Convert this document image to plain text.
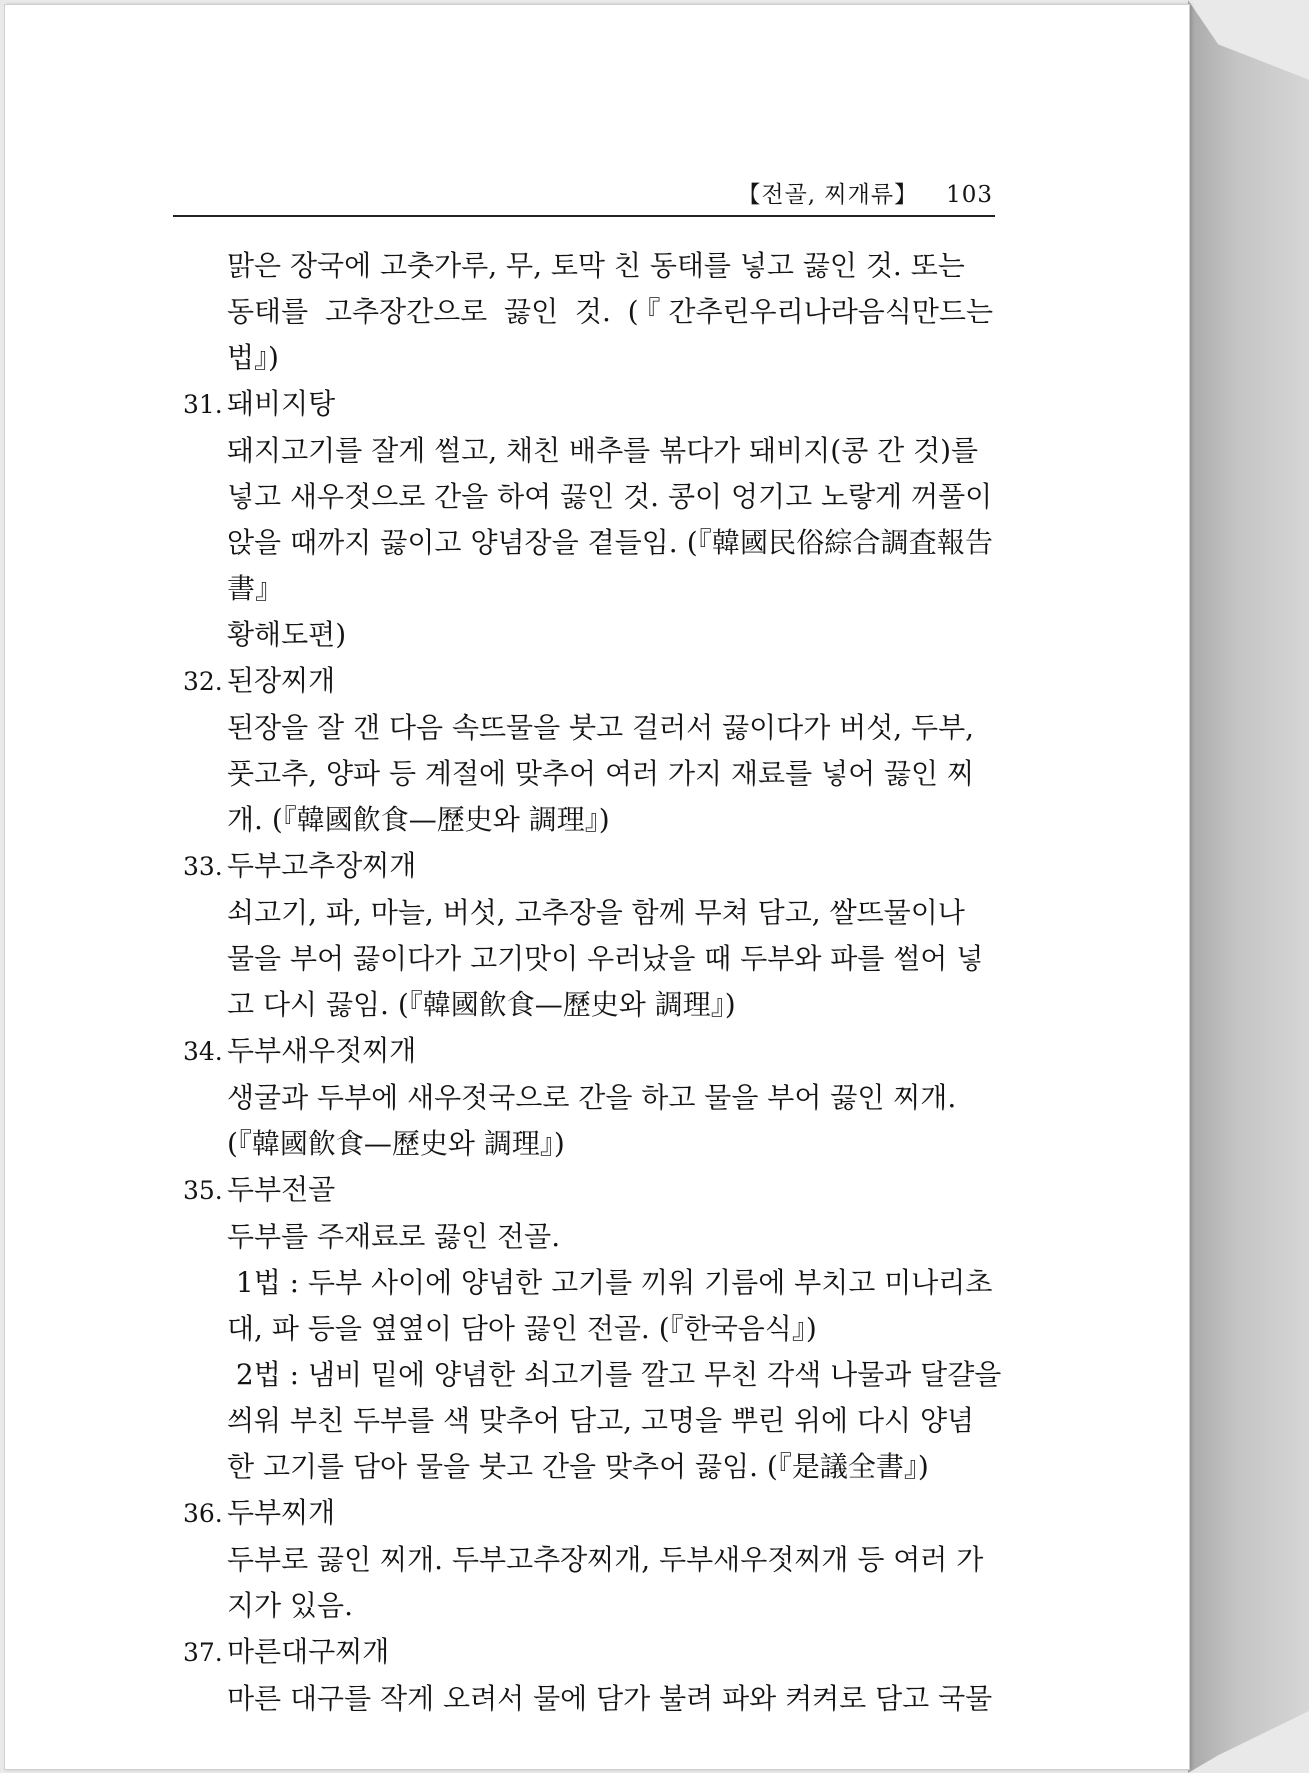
【전골, 찌개류】 103
맑은 장국에 고춧가루, 무, 토막 친 동태를 넣고 끓인 것. 또는
동태를 고추장간으로 끓인 것. (『간추린우리나라음식만드는법』)
31. 돼비지탕
돼지고기를 잘게 썰고, 채친 배추를 볶다가 돼비지(콩 간 것)를
넣고 새우젓으로 간을 하여 끓인 것. 콩이 엉기고 노랗게 꺼풀이
앉을 때까지 끓이고 양념장을 곁들임. (『韓國民俗綜合調査報告書』
황해도편)
32. 된장찌개
된장을 잘 갠 다음 속뜨물을 붓고 걸러서 끓이다가 버섯, 두부,
풋고추, 양파 등 계절에 맞추어 여러 가지 재료를 넣어 끓인 찌
개. (『韓國飮食—歷史와 調理』)
33. 두부고추장찌개
쇠고기, 파, 마늘, 버섯, 고추장을 함께 무쳐 담고, 쌀뜨물이나
물을 부어 끓이다가 고기맛이 우러났을 때 두부와 파를 썰어 넣
고 다시 끓임. (『韓國飮食—歷史와 調理』)
34. 두부새우젓찌개
생굴과 두부에 새우젓국으로 간을 하고 물을 부어 끓인 찌개.
(『韓國飮食—歷史와 調理』)
35. 두부전골
두부를 주재료로 끓인 전골.
1법 : 두부 사이에 양념한 고기를 끼워 기름에 부치고 미나리초
대, 파 등을 옆옆이 담아 끓인 전골. (『한국음식』)
2법 : 냄비 밑에 양념한 쇠고기를 깔고 무친 각색 나물과 달걀을
씌워 부친 두부를 색 맞추어 담고, 고명을 뿌린 위에 다시 양념
한 고기를 담아 물을 붓고 간을 맞추어 끓임. (『是議全書』)
36. 두부찌개
두부로 끓인 찌개. 두부고추장찌개, 두부새우젓찌개 등 여러 가
지가 있음.
37. 마른대구찌개
마른 대구를 작게 오려서 물에 담가 불려 파와 켜켜로 담고 국물
